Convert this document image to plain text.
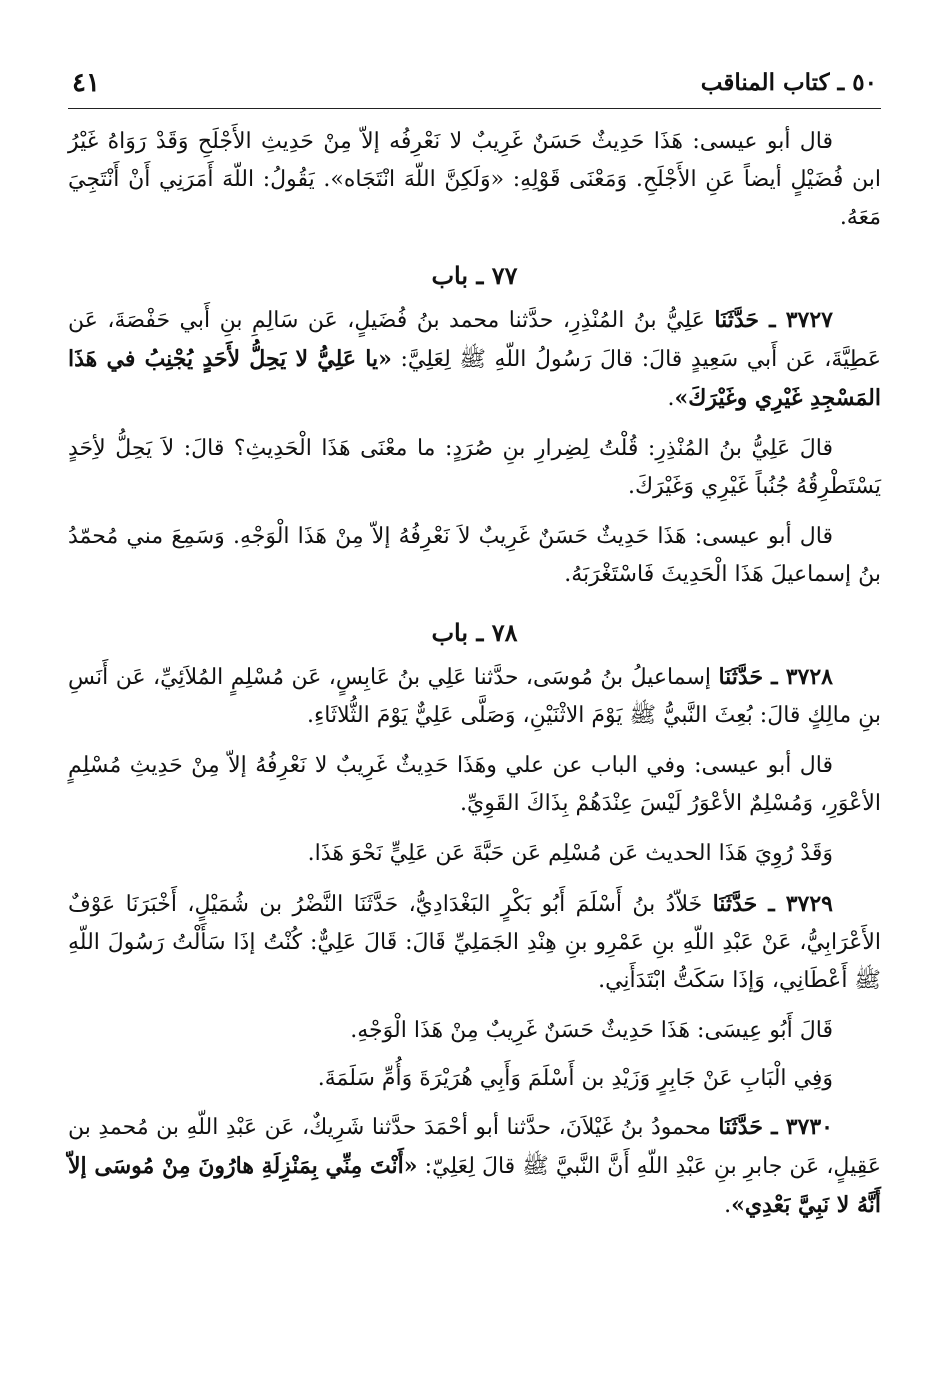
٥٠ ـ كتاب المناقب
٤١

قال أبو عيسى: هَذَا حَدِيثٌ حَسَنٌ غَرِيبٌ لا نَعْرِفُه إلاّ مِنْ حَدِيثِ الأَجْلَحِ وَقَدْ رَوَاهُ غَيْرُ ابن فُضَيْلٍ أيضاً عَنِ الأَجْلَحِ. وَمَعْنَى قَوْلِهِ: «وَلَكِنَّ اللّهَ انْتَجَاه». يَقُولُ: اللّهَ أَمَرَنِي أَنْ أَنْتَجِيَ مَعَهُ.

٧٧ ـ باب

٣٧٢٧ ـ حَدَّثَنَا عَلِيُّ بنُ المُنْذِرِ، حدَّثنا محمد بنُ فُضَيلٍ، عَن سَالِمِ بنِ أَبي حَفْصَةَ، عَن عَطِيَّةَ، عَن أَبي سَعِيدٍ قالَ: قالَ رَسُولُ اللّهِ ﷺ لِعَلِيَّ: «يا عَلِيُّ لا يَحِلُّ لأَحَدٍ يُجْنِبُ في هَذَا المَسْجِدِ غَيْرِي وغَيْرَكَ».

قالَ عَلِيُّ بنُ المُنْذِرِ: قُلْتُ لِضِرارِ بنِ صُرَدٍ: ما معْنَى هَذَا الْحَدِيثِ؟ قالَ: لاَ يَحِلُّ لأِحَدٍ يَسْتَطْرِقُهُ جُنُباً غَيْرِي وَغَيْرَكَ.

قال أبو عيسى: هَذَا حَدِيثٌ حَسَنٌ غَرِيبٌ لاَ نَعْرِفُهُ إلاّ مِنْ هَذَا الْوَجْهِ. وَسَمِعَ مني مُحمّدُ بنُ إسماعيلَ هَذَا الْحَدِيثَ فَاسْتَغْرَبَهُ.

٧٨ ـ باب

٣٧٢٨ ـ حَدَّثَنَا إسماعيلُ بنُ مُوسَى، حدَّثنا عَلِي بنُ عَابِسٍ، عَن مُسْلِمٍ المُلاَئِيِّ، عَن أَنَسِ بنِ مالِكٍ قالَ: بُعِثَ النَّبيُّ ﷺ يَوْمَ الاثْنَيْنِ، وَصَلَّى عَلِيٌّ يَوْمَ الثُّلاثَاءِ.

قال أبو عيسى: وفي الباب عن علي وهَذَا حَدِيثٌ غَرِيبٌ لا نَعْرِفُهُ إلاّ مِنْ حَدِيثِ مُسْلِمٍ الأعْوَرِ، وَمُسْلِمٌ الأعْوَرُ لَيْسَ عِنْدَهُمْ بِذَاكَ القَوِيِّ.

وَقَدْ رُوِيَ هَذَا الحديث عَن مُسْلِم عَن حَبَّةَ عَن عَلِيٍّ نَحْوَ هَذَا.

٣٧٢٩ ـ حَدَّثَنَا خَلاّدُ بنُ أَسْلَمَ أَبُو بَكْرٍ البَغْدَادِيُّ، حَدَّثَنَا النَّضْرُ بن شُمَيْلٍ، أَخْبَرَنَا عَوْفٌ الأَعْرَابِيُّ، عَنْ عَبْدِ اللّهِ بنِ عَمْرِو بنِ هِنْدِ الجَمَلِيِّ قَالَ: قَالَ عَلِيٌّ: كُنْتُ إذَا سَأَلْتُ رَسُولَ اللّهِ ﷺ أَعْطَانِي، وَإذَا سَكَتُّ ابْتَدَأَنِي.

قَالَ أَبُو عِيسَى: هَذَا حَدِيثٌ حَسَنٌ غَرِيبٌ مِنْ هَذَا الْوَجْهِ.

وَفِي الْبَابِ عَنْ جَابِرٍ وَزَيْدِ بن أَسْلَمَ وَأَبِي هُرَيْرَةَ وَأُمِّ سَلَمَةَ.

٣٧٣٠ ـ حَدَّثَنَا محمودُ بنُ غَيْلاَنَ، حدَّثنا أبو أحْمَدَ حدَّثنا شَرِيكٌ، عَن عَبْدِ اللّهِ بن مُحمدِ بن عَقِيلٍ، عَن جابرِ بنِ عَبْدِ اللّهِ أَنَّ النَّبيَّ ﷺ قالَ لِعَلِيّ: «أَنْتَ مِنِّي بِمَنْزِلَةِ هارُونَ مِنْ مُوسَى إلاّ أَنَّهُ لا نَبِيَّ بَعْدِي».
